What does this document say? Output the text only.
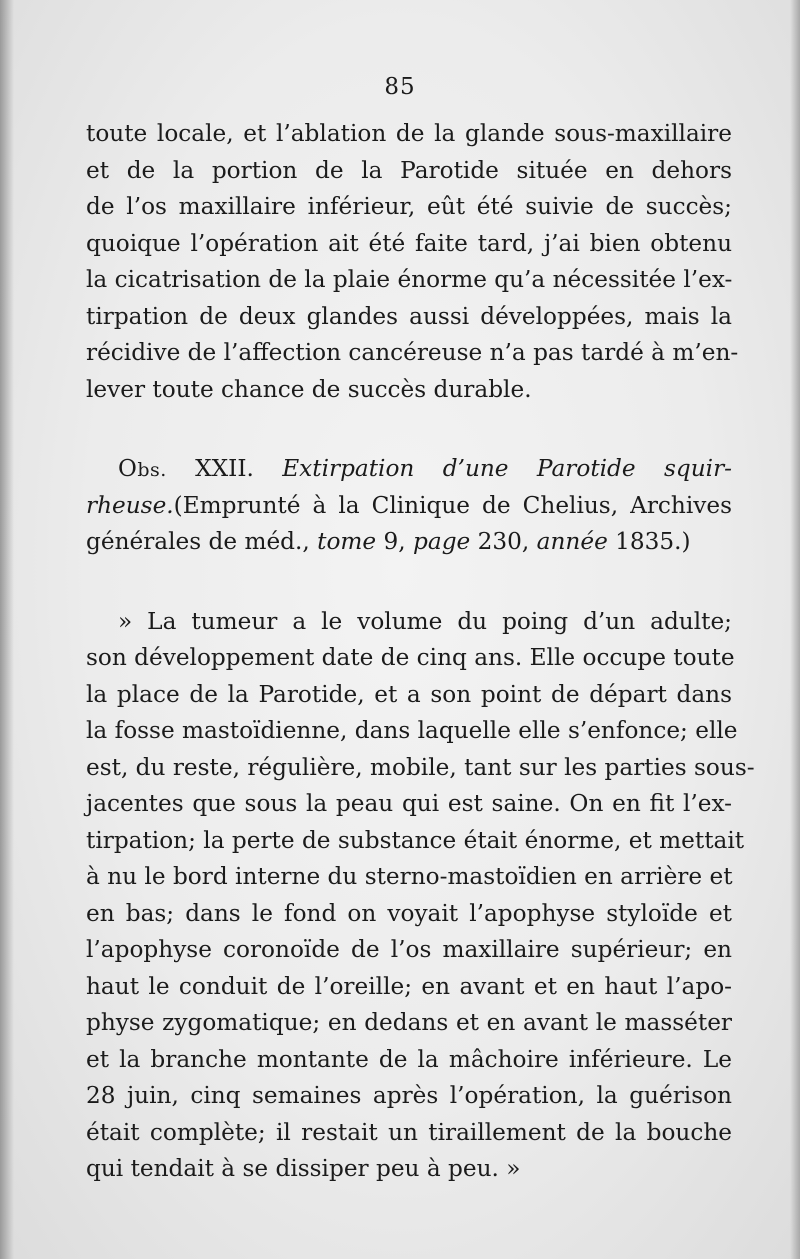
85
toute locale, et l’ablation de la glande sous-maxillaire
et de la portion de la Parotide située en dehors
de l’os maxillaire inférieur, eût été suivie de succès;
quoique l’opération ait été faite tard, j’ai bien obtenu
la cicatrisation de la plaie énorme qu’a nécessitée l’ex-
tirpation de deux glandes aussi développées, mais la
récidive de l’affection cancéreuse n’a pas tardé à m’en-
lever toute chance de succès durable.
Obs. XXII. Extirpation d’une Parotide squir-
rheuse.(Emprunté à la Clinique de Chelius, Archives
générales de méd., tome 9, page 230, année 1835.)
» La tumeur a le volume du poing d’un adulte;
son développement date de cinq ans. Elle occupe toute
la place de la Parotide, et a son point de départ dans
la fosse mastoïdienne, dans laquelle elle s’enfonce; elle
est, du reste, régulière, mobile, tant sur les parties sous-
jacentes que sous la peau qui est saine. On en fit l’ex-
tirpation; la perte de substance était énorme, et mettait
à nu le bord interne du sterno-mastoïdien en arrière et
en bas; dans le fond on voyait l’apophyse styloïde et
l’apophyse coronoïde de l’os maxillaire supérieur; en
haut le conduit de l’oreille; en avant et en haut l’apo-
physe zygomatique; en dedans et en avant le masséter
et la branche montante de la mâchoire inférieure. Le
28 juin, cinq semaines après l’opération, la guérison
était complète; il restait un tiraillement de la bouche
qui tendait à se dissiper peu à peu. »
